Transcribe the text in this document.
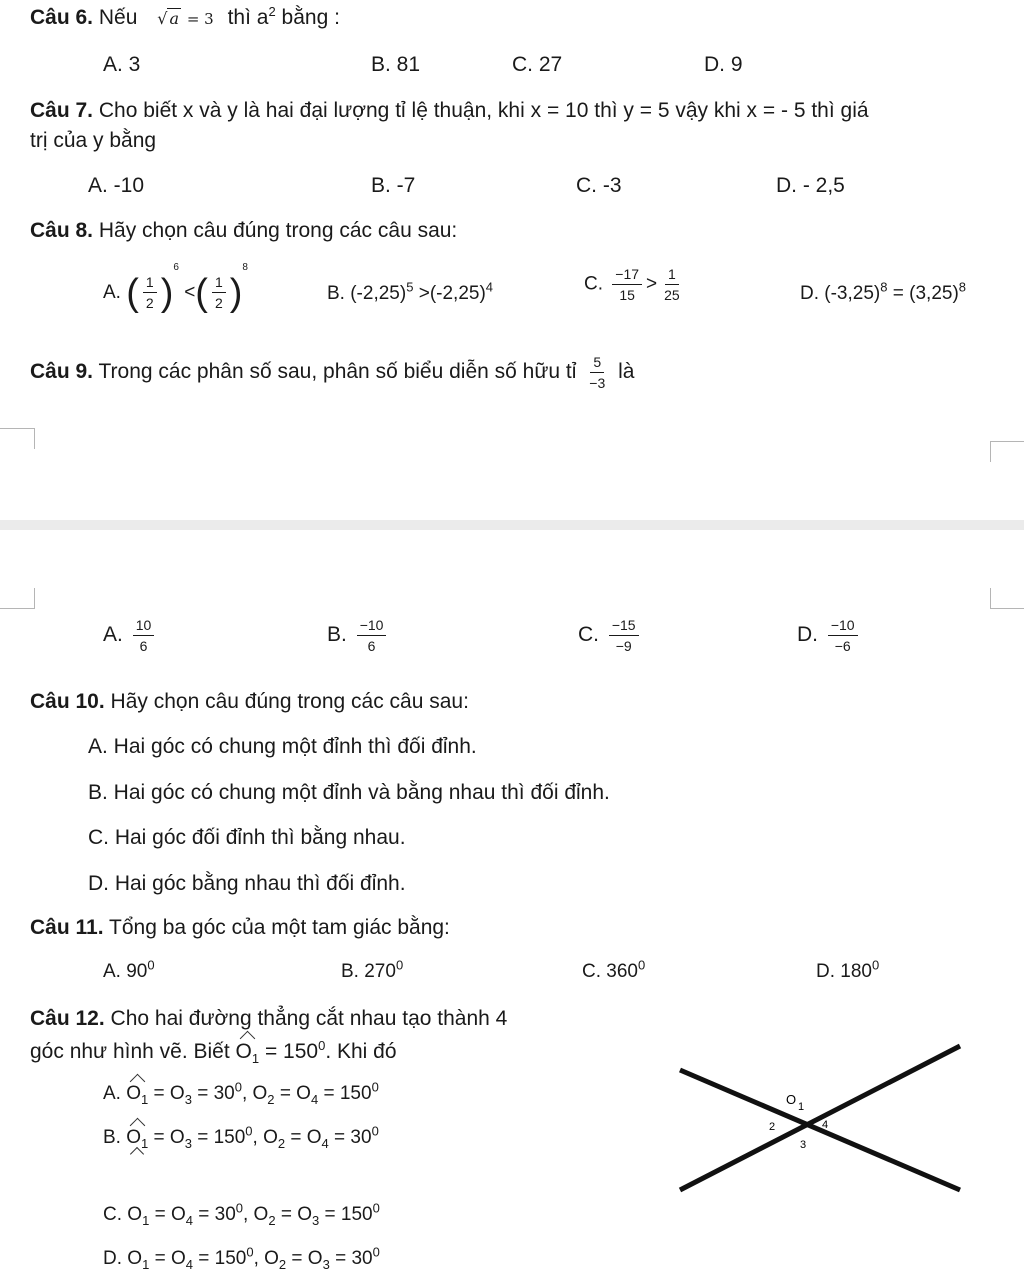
Câu 6. Nếu √ a = 3 thì $a^2$ bằng :
A. 3	B. 81	C. 27	D. 9
Câu 7. Cho biết x và y là hai đại lượng tỉ lệ thuận, khi x = 10 thì y = 5 vậy khi x = - 5 thì giá
trị của y bằng
A. -10	B. -7	C. -3	D. - 2,5
Câu 8. Hãy chọn câu đúng trong các câu sau:
A. ( $\frac{1}{2} )^6$ <( $\frac{1}{2} )^8$
B. $(-2,25)^5 >(-2,25)^4$	C. $\frac{-17}{15} > \frac{1}{25}$	D. $(-3,25)^8 = (3,25)^8$
Câu 9. Trong các phân số sau, phân số biểu diễn số hữu tỉ $\frac{5}{-3}$ là
A. $\frac{10}{6}$	B. $\frac{-10}{6}$	C. $\frac{-15}{-9}$	D. $\frac{-10}{-6}$
Câu 10. Hãy chọn câu đúng trong các câu sau:
A. Hai góc có chung một đỉnh thì đối đỉnh.
B. Hai góc có chung một đỉnh và bằng nhau thì đối đỉnh.
C. Hai góc đối đỉnh thì bằng nhau.
D. Hai góc bằng nhau thì đối đỉnh.
Câu 11. Tổng ba góc của một tam giác bằng:
A. $90^0$	B. $270^0$	C. $360^0$	D. $180^0$
Câu 12. Cho hai đường thẳng cắt nhau tạo thành 4
góc như hình vẽ. Biết $O_1 = 150^0$. Khi đó
A. $O_1 = O_3 = 30^0$, $O_2 = O_4 = 150^0$
B. $O_1 = O_3 = 150^0$, $O_2 = O_4 = 30^0$
C. $O_1 = O_4 = 30^0$, $O_2 = O_3 = 150^0$
D. $O_1 = O_4 = 150^0$, $O_2 = O_3 = 30^0$
O 1
2
3
4
